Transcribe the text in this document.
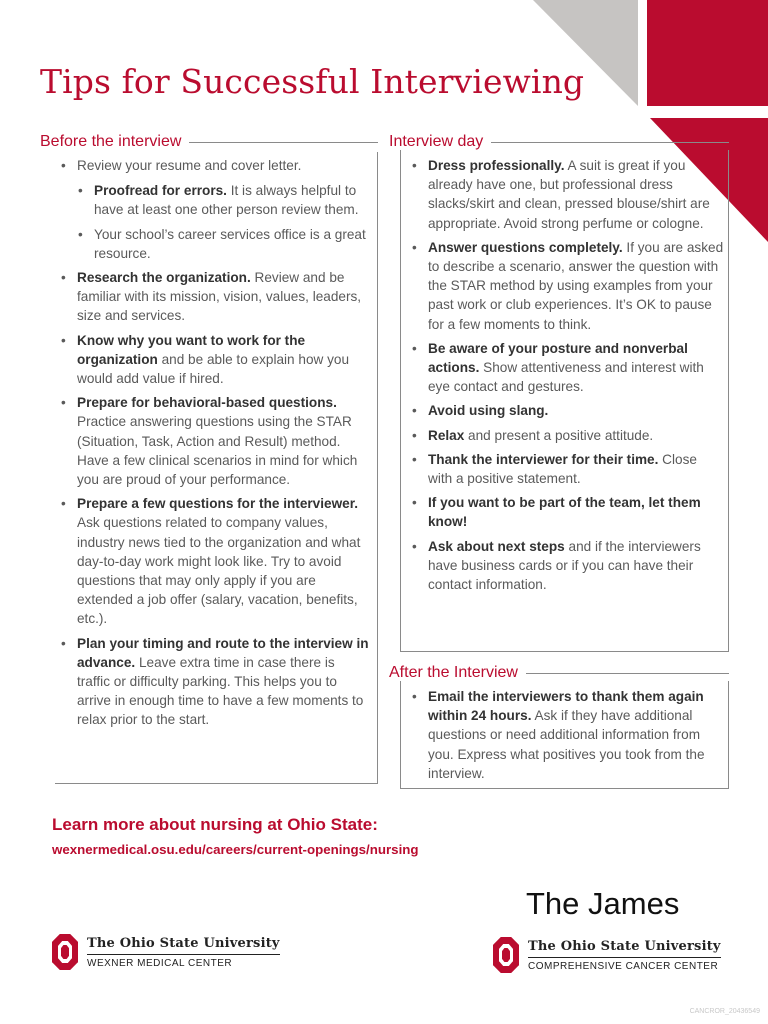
Tips for Successful Interviewing
Before the interview
• Review your resume and cover letter.
• Proofread for errors. It is always helpful to have at least one other person review them.
• Your school’s career services office is a great resource.
• Research the organization. Review and be familiar with its mission, vision, values, leaders, size and services.
• Know why you want to work for the organization and be able to explain how you would add value if hired.
• Prepare for behavioral-based questions. Practice answering questions using the STAR (Situation, Task, Action and Result) method. Have a few clinical scenarios in mind for which you are proud of your performance.
• Prepare a few questions for the interviewer. Ask questions related to company values, industry news tied to the organization and what day-to-day work might look like. Try to avoid questions that may only apply if you are extended a job offer (salary, vacation, benefits, etc.).
• Plan your timing and route to the interview in advance. Leave extra time in case there is traffic or difficulty parking. This helps you to arrive in enough time to have a few moments to relax prior to the start.
Interview day
• Dress professionally. A suit is great if you already have one, but professional dress slacks/skirt and clean, pressed blouse/shirt are appropriate. Avoid strong perfume or cologne.
• Answer questions completely. If you are asked to describe a scenario, answer the question with the STAR method by using examples from your past work or club experiences. It’s OK to pause for a few moments to think.
• Be aware of your posture and nonverbal actions. Show attentiveness and interest with eye contact and gestures.
• Avoid using slang.
• Relax and present a positive attitude.
• Thank the interviewer for their time. Close with a positive statement.
• If you want to be part of the team, let them know!
• Ask about next steps and if the interviewers have business cards or if you can have their contact information.
After the Interview
• Email the interviewers to thank them again within 24 hours. Ask if they have additional questions or need additional information from you. Express what positives you took from the interview.
Learn more about nursing at Ohio State:
wexnermedical.osu.edu/careers/current-openings/nursing
The Ohio State University
WEXNER MEDICAL CENTER
The James
The Ohio State University
COMPREHENSIVE CANCER CENTER
CANCROR_20436549
